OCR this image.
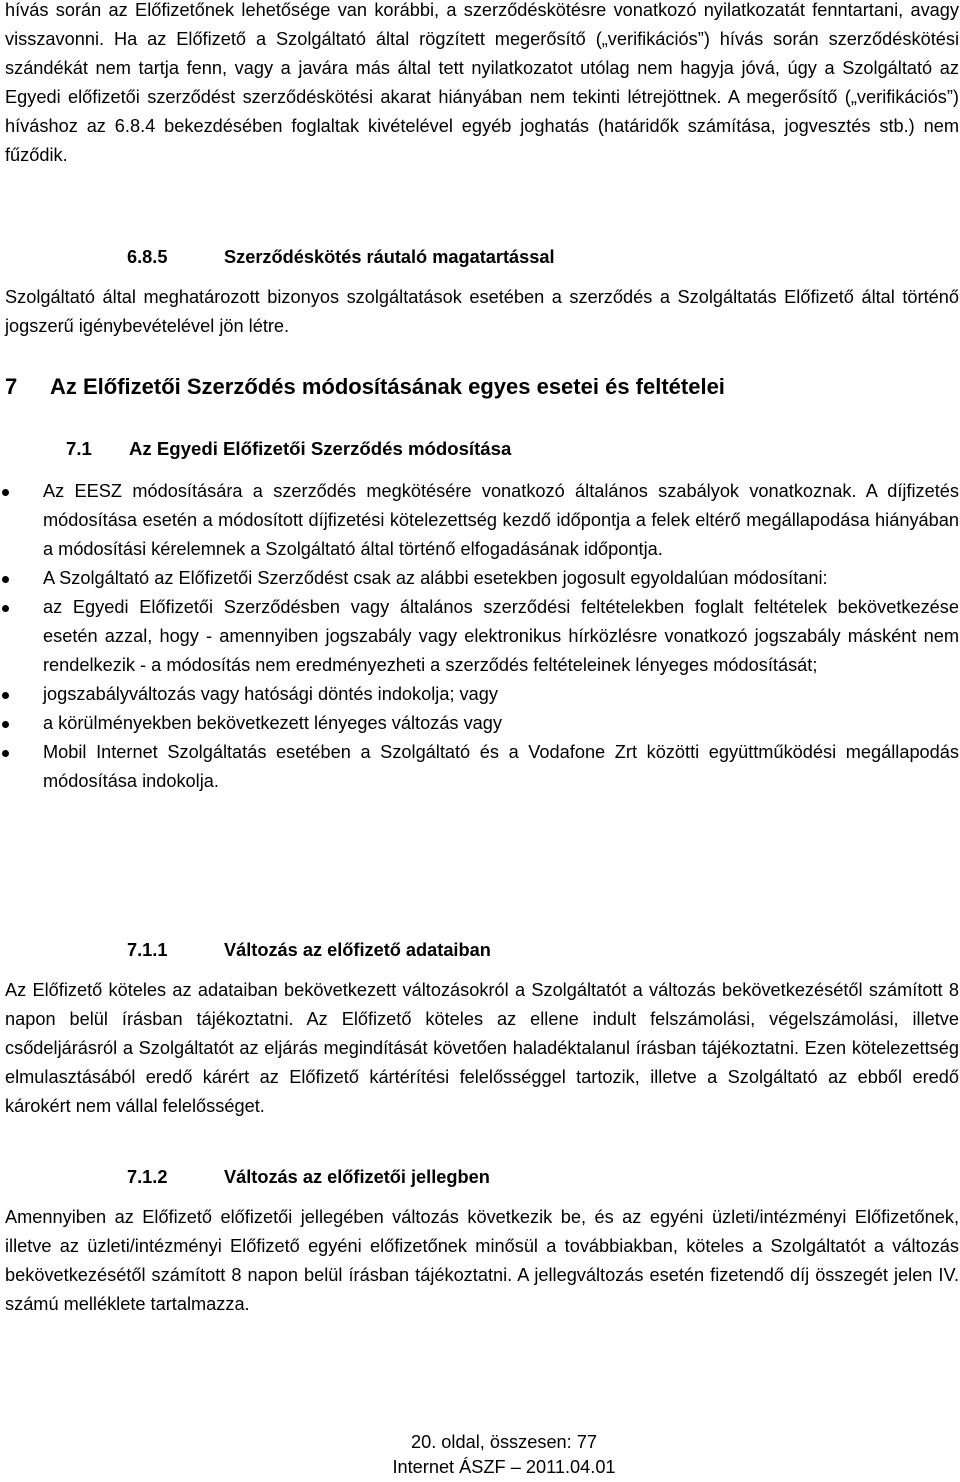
hívás során az Előfizetőnek lehetősége van korábbi, a szerződéskötésre vonatkozó nyilatkozatát fenntartani, avagy visszavonni. Ha az Előfizető a Szolgáltató által rögzített megerősítő („verifikációs”) hívás során szerződéskötési szándékát nem tartja fenn, vagy a javára más által tett nyilatkozatot utólag nem hagyja jóvá, úgy a Szolgáltató az Egyedi előfizetői szerződést szerződéskötési akarat hiányában nem tekinti létrejöttnek. A megerősítő („verifikációs”) híváshoz az 6.8.4 bekezdésében foglaltak kivételével egyéb joghatás (határidők számítása, jogvesztés stb.) nem fűződik.

6.8.5	Szerződéskötés ráutaló magatartással

Szolgáltató által meghatározott bizonyos szolgáltatások esetében a szerződés a Szolgáltatás Előfizető által történő jogszerű igénybevételével jön létre.

7 Az Előfizetői Szerződés módosításának egyes esetei és feltételei
7.1 Az Egyedi Előfizetői Szerződés módosítása

Az EESZ módosítására a szerződés megkötésére vonatkozó általános szabályok vonatkoznak. A díjfizetés módosítása esetén a módosított díjfizetési kötelezettség kezdő időpontja a felek eltérő megállapodása hiányában a módosítási kérelemnek a Szolgáltató által történő elfogadásának időpontja.

A Szolgáltató az Előfizetői Szerződést csak az alábbi esetekben jogosult egyoldalúan módosítani:

az Egyedi Előfizetői Szerződésben vagy általános szerződési feltételekben foglalt feltételek bekövetkezése esetén azzal, hogy - amennyiben jogszabály vagy elektronikus hírközlésre vonatkozó jogszabály másként nem rendelkezik - a módosítás nem eredményezheti a szerződés feltételeinek lényeges módosítását;

jogszabályváltozás vagy hatósági döntés indokolja; vagy

a körülményekben bekövetkezett lényeges változás vagy

Mobil Internet Szolgáltatás esetében a Szolgáltató és a Vodafone Zrt közötti együttműködési megállapodás módosítása indokolja.

7.1.1	Változás az előfizető adataiban

Az Előfizető köteles az adataiban bekövetkezett változásokról a Szolgáltatót a változás bekövetkezésétől számított 8 napon belül írásban tájékoztatni. Az Előfizető köteles az ellene indult felszámolási, végelszámolási, illetve csődeljárásról a Szolgáltatót az eljárás megindítását követően haladéktalanul írásban tájékoztatni. Ezen kötelezettség elmulasztásából eredő kárért az Előfizető kártérítési felelősséggel tartozik, illetve a Szolgáltató az ebből eredő károkért nem vállal felelősséget.

7.1.2	Változás az előfizetői jellegben

Amennyiben az Előfizető előfizetői jellegében változás következik be, és az egyéni üzleti/intézményi Előfizetőnek, illetve az üzleti/intézményi Előfizető egyéni előfizetőnek minősül a továbbiakban, köteles a Szolgáltatót a változás bekövetkezésétől számított 8 napon belül írásban tájékoztatni. A jellegváltozás esetén fizetendő díj összegét jelen IV. számú melléklete tartalmazza.

20. oldal, összesen: 77
Internet ÁSZF – 2011.04.01
